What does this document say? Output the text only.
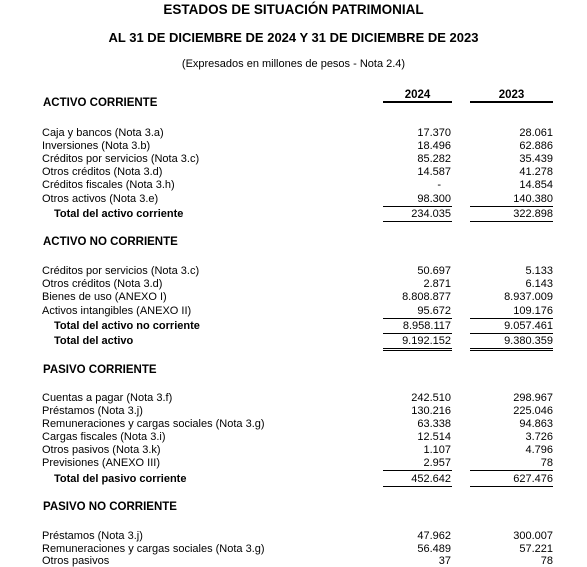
ESTADOS DE SITUACIÓN PATRIMONIAL
AL 31 DE DICIEMBRE DE 2024 Y 31 DE DICIEMBRE DE 2023
(Expresados en millones de pesos - Nota 2.4)
2024	2023
ACTIVO CORRIENTE
Caja y bancos (Nota 3.a)	17.370	28.061
Inversiones (Nota 3.b)	18.496	62.886
Créditos por servicios (Nota 3.c)	85.282	35.439
Otros créditos (Nota 3.d)	14.587	41.278
Créditos fiscales (Nota 3.h)	-	14.854
Otros activos (Nota 3.e)	98.300	140.380
Total del activo corriente	234.035	322.898
ACTIVO NO CORRIENTE
Créditos por servicios (Nota 3.c)	50.697	5.133
Otros créditos (Nota 3.d)	2.871	6.143
Bienes de uso (ANEXO I)	8.808.877	8.937.009
Activos intangibles (ANEXO II)	95.672	109.176
Total del activo no corriente	8.958.117	9.057.461
Total del activo	9.192.152	9.380.359
PASIVO CORRIENTE
Cuentas a pagar (Nota 3.f)	242.510	298.967
Préstamos (Nota 3.j)	130.216	225.046
Remuneraciones y cargas sociales (Nota 3.g)	63.338	94.863
Cargas fiscales (Nota 3.i)	12.514	3.726
Otros pasivos (Nota 3.k)	1.107	4.796
Previsiones (ANEXO III)	2.957	78
Total del pasivo corriente	452.642	627.476
PASIVO NO CORRIENTE
Préstamos (Nota 3.j)	47.962	300.007
Remuneraciones y cargas sociales (Nota 3.g)	56.489	57.221
Otros pasivos	37	78
